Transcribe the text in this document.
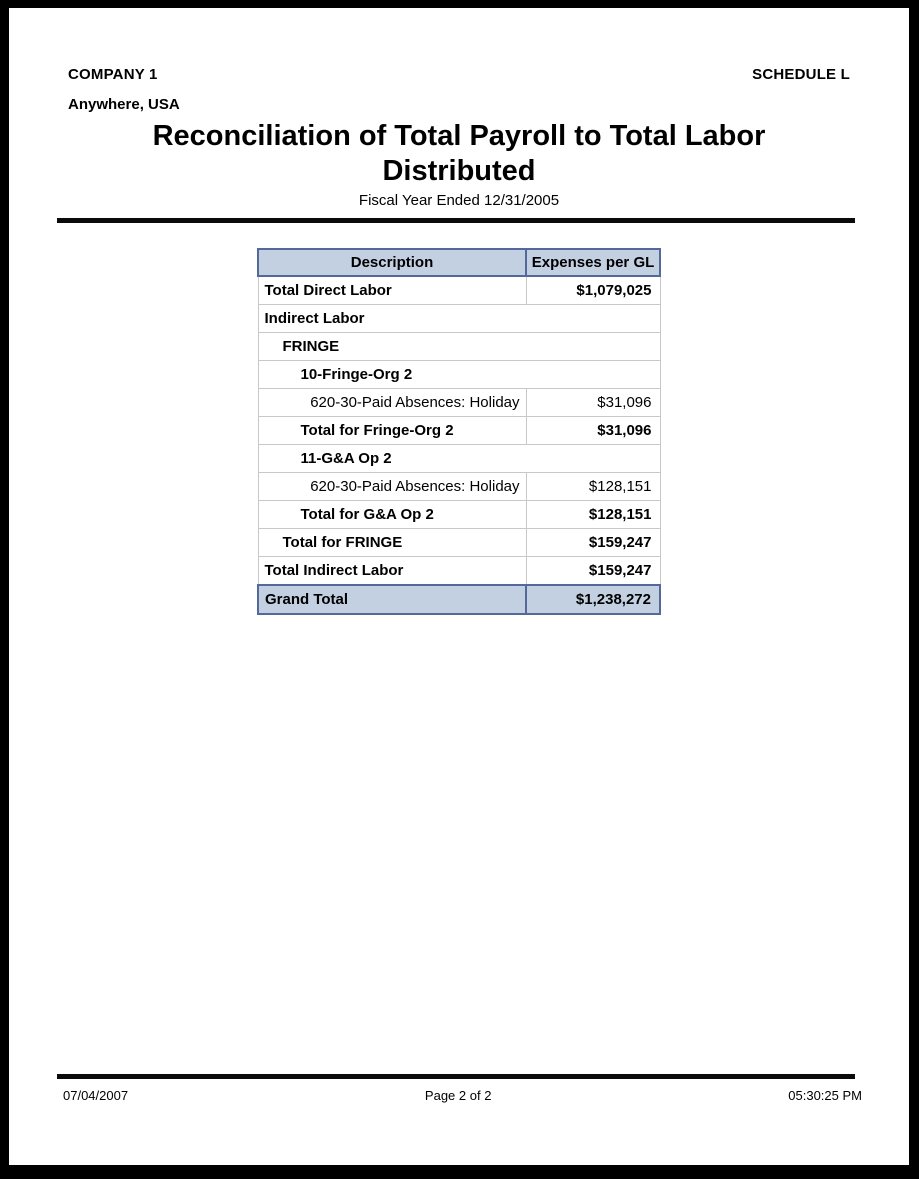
COMPANY 1	SCHEDULE L
Anywhere, USA
Reconciliation of Total Payroll to Total Labor Distributed
Fiscal Year Ended 12/31/2005
Description	Expenses per GL
Total Direct Labor	$1,079,025
Indirect Labor	
FRINGE	
10-Fringe-Org 2	
620-30-Paid Absences: Holiday	$31,096
Total for Fringe-Org 2	$31,096
11-G&A Op 2	
620-30-Paid Absences: Holiday	$128,151
Total for G&A Op 2	$128,151
Total for FRINGE	$159,247
Total Indirect Labor	$159,247
Grand Total	$1,238,272
07/04/2007	Page 2 of 2	05:30:25 PM
